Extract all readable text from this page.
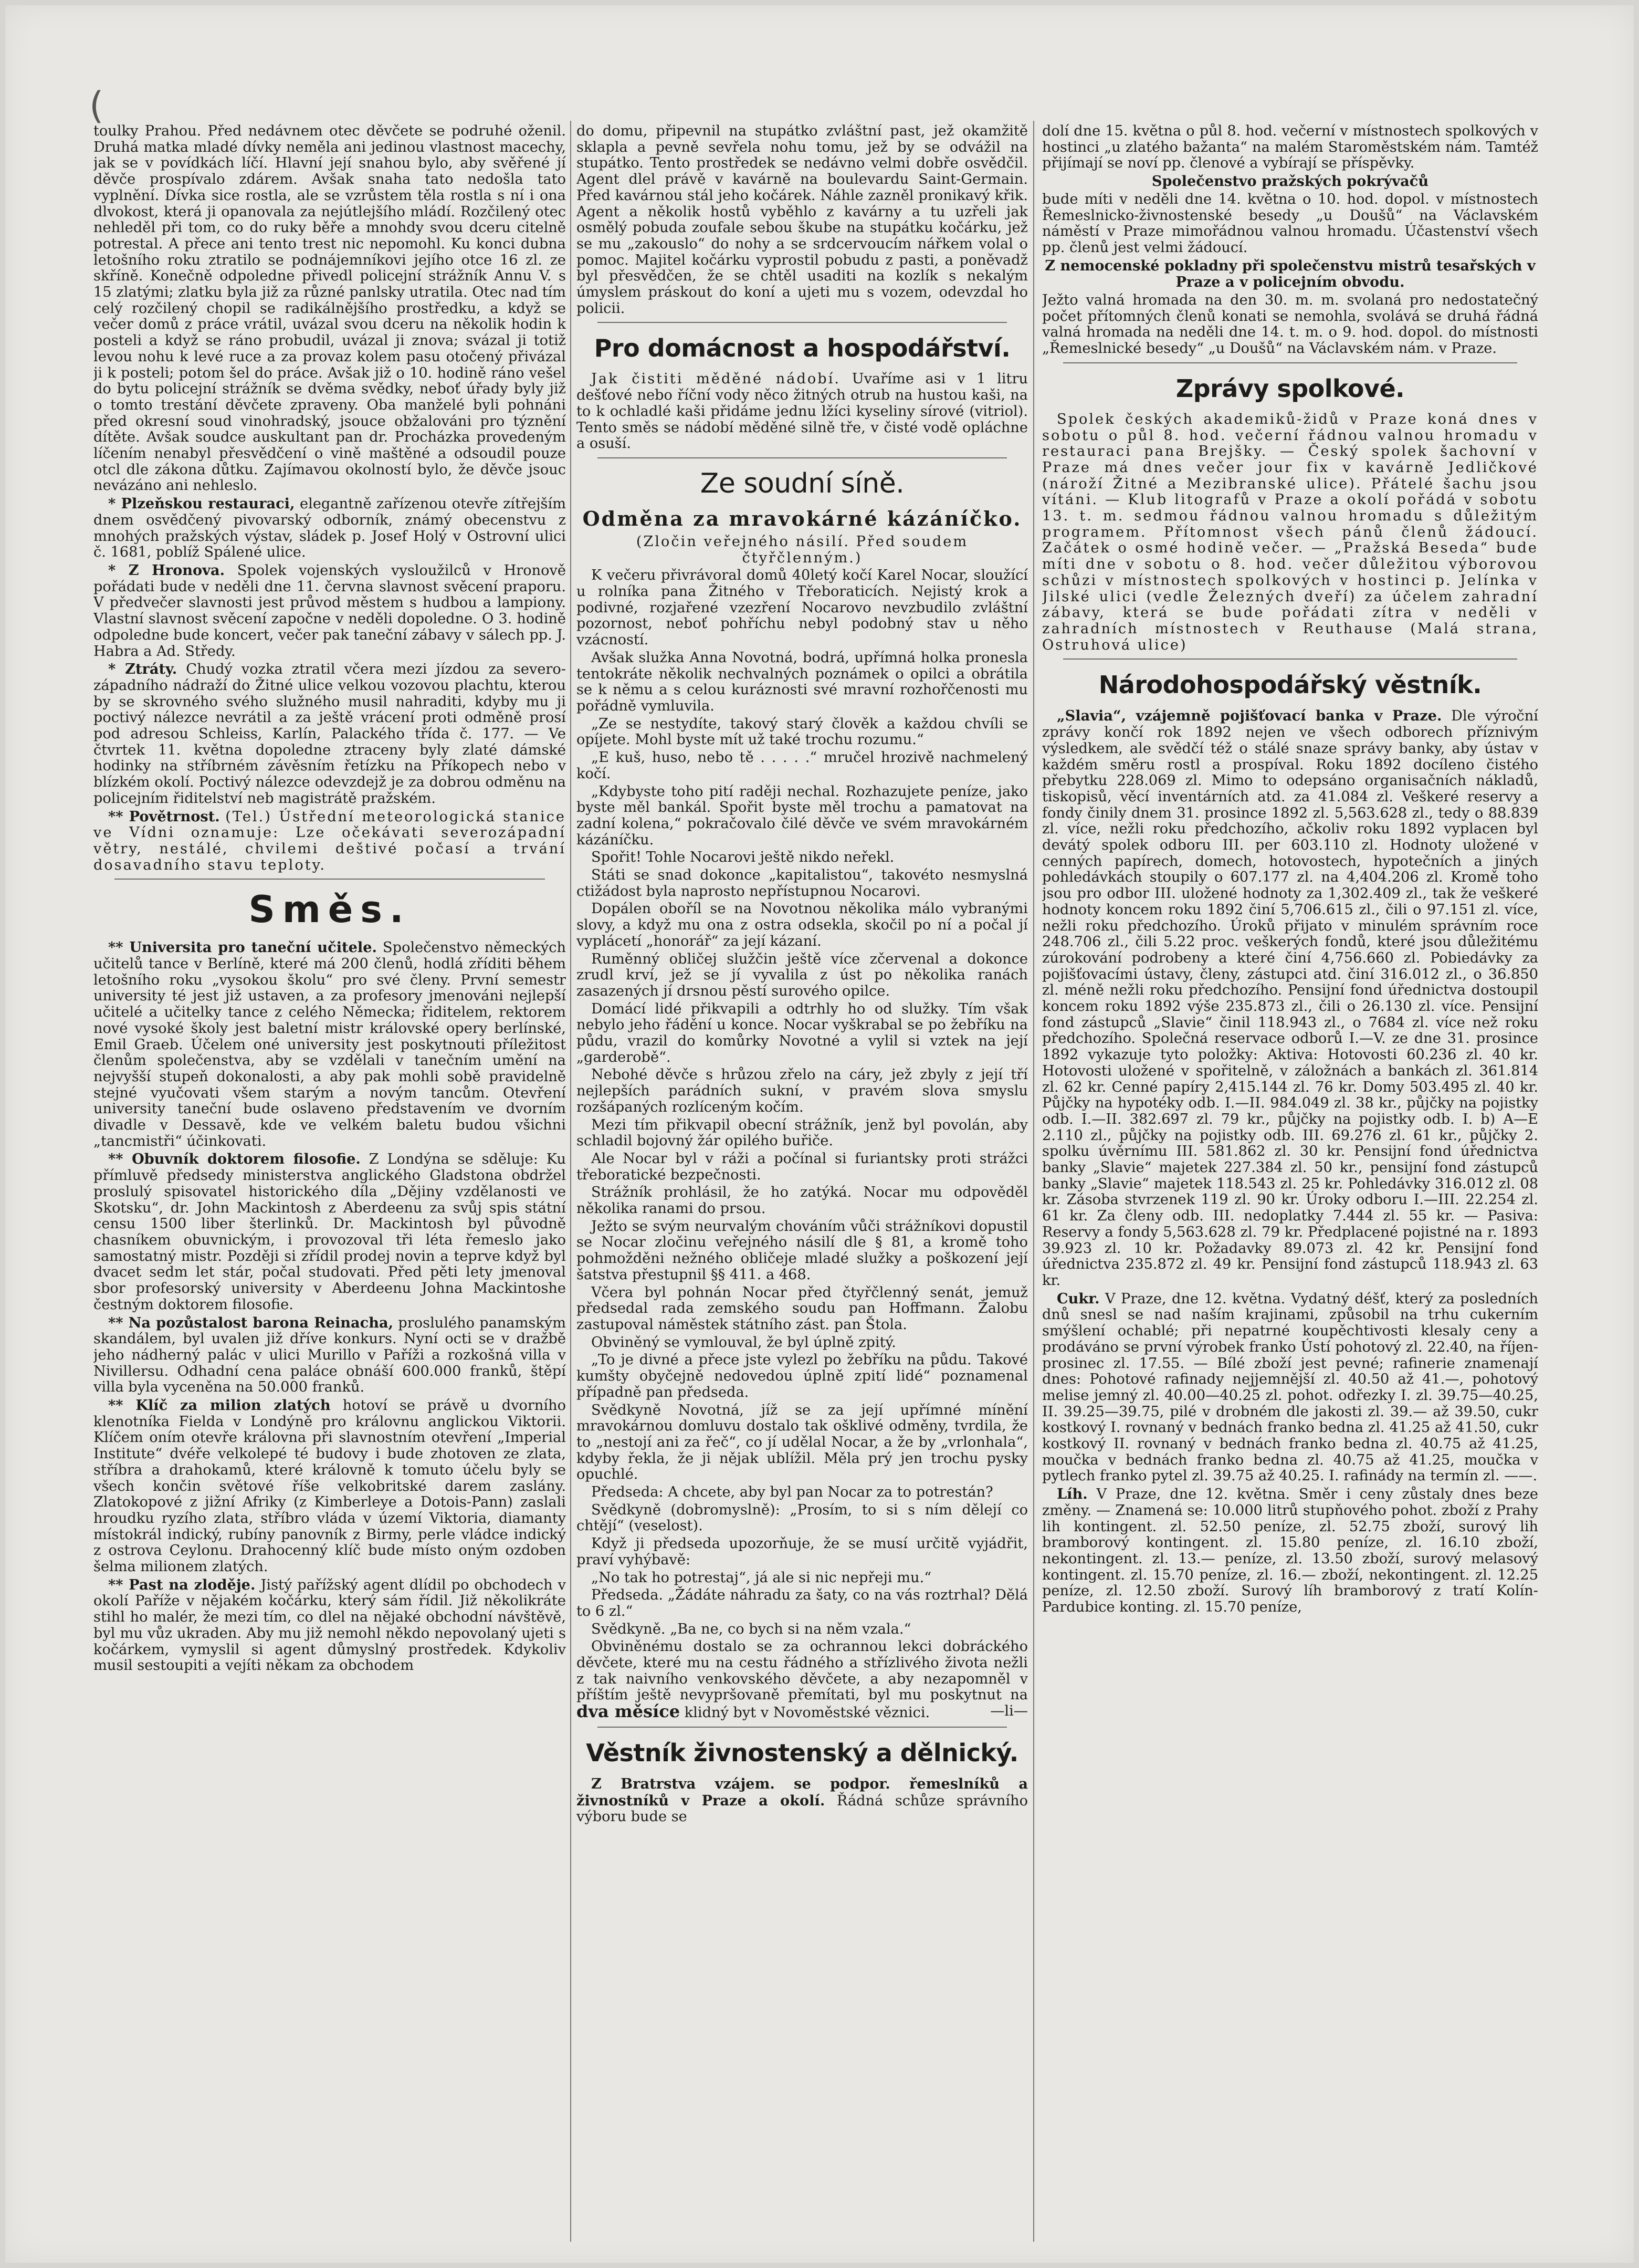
(

toulky Prahou. Před nedávnem otec děvčete se podruhé oženil. Druhá matka mladé dívky neměla ani jedinou vlastnost macechy, jak se v povídkách líčí. Hlavní její snahou bylo, aby svěřené jí děvče prospívalo zdárem. Avšak snaha tato nedošla tato vyplnění. Dívka sice rostla, ale se vzrůstem těla rostla s ní i ona dlvokost, která ji opanovala za nejútlejšího mládí. Rozčilený otec nehleděl při tom, co do ruky běře a mnohdy svou dceru citelně potrestal. A přece ani tento trest nic nepomohl. Ku konci dubna letošního roku ztratilo se podnájemníkovi jejího otce 16 zl. ze skříně. Konečně odpoledne přivedl policejní strážník Annu V. s 15 zlatými; zlatku byla již za různé panlsky utratila. Otec nad tím celý rozčilený chopil se radikálnějšího prostředku, a když se večer domů z práce vrátil, uvázal svou dceru na několik hodin k posteli a když se ráno probudil, uvázal ji znova; svázal ji totiž levou nohu k levé ruce a za provaz kolem pasu otočený přivázal ji k posteli; potom šel do práce. Avšak již o 10. hodině ráno vešel do bytu policejní strážník se dvěma svědky, neboť úřady byly již o tomto trestání děvčete zpraveny. Oba manželé byli pohnáni před okresní soud vinohradský, jsouce obžalováni pro týznění dítěte. Avšak soudce auskultant pan dr. Procházka provedeným líčením nenabyl přesvědčení o vině maštěné a odsoudil pouze otcl dle zákona důtku. Zajímavou okolností bylo, že děvče jsouc nevázáno ani nehleslo.

* Plzeňskou restauraci, elegantně zařízenou otevře zítřejším dnem osvědčený pivovarský odborník, známý obecenstvu z mnohých pražských výstav, sládek p. Josef Holý v Ostrovní ulici č. 1681, poblíž Spálené ulice.

* Z Hronova. Spolek vojenských vysloužilců v Hronově pořádati bude v neděli dne 11. června slavnost svěcení praporu. V předvečer slavnosti jest průvod městem s hudbou a lampiony. Vlastní slavnost svěcení započne v neděli dopoledne. O 3. hodině odpoledne bude koncert, večer pak taneční zábavy v sálech pp. J. Habra a Ad. Středy.

* Ztráty. Chudý vozka ztratil včera mezi jízdou za severo-západního nádraží do Žitné ulice velkou vozovou plachtu, kterou by se skrovného svého služného musil nahraditi, kdyby mu ji poctivý nálezce nevrátil a za ještě vrácení proti odměně prosí pod adresou Schleiss, Karlín, Palackého třída č. 177. — Ve čtvrtek 11. května dopoledne ztraceny byly zlaté dámské hodinky na stříbrném závěsním řetízku na Příkopech nebo v blízkém okolí. Poctivý nálezce odevzdejž je za dobrou odměnu na policejním řiditelství neb magistrátě pražském.

** Povětrnost. (Tel.) Ústřední meteorologická stanice ve Vídni oznamuje: Lze očekávati severozápadní větry, nestálé, chvilemi deštivé počasí a trvání dosavadního stavu teploty.

Směs.

** Universita pro taneční učitele. Společenstvo německých učitelů tance v Berlíně, které má 200 členů, hodlá zříditi během letošního roku „vysokou školu“ pro své členy. První semestr university té jest již ustaven, a za profesory jmenováni nejlepší učitelé a učitelky tance z celého Německa; řiditelem, rektorem nové vysoké školy jest baletní mistr královské opery berlínské, Emil Graeb. Účelem oné university jest poskytnouti příležitost členům společenstva, aby se vzdělali v tanečním umění na nejvyšší stupeň dokonalosti, a aby pak mohli sobě pravidelně stejné vyučovati všem starým a novým tancům. Otevření university taneční bude oslaveno představením ve dvorním divadle v Dessavě, kde ve velkém baletu budou všichni „tancmistři“ účinkovati.

** Obuvník doktorem filosofie. Z Londýna se sděluje: Ku přímluvě předsedy ministerstva anglického Gladstona obdržel proslulý spisovatel historického díla „Dějiny vzdělanosti ve Skotsku“, dr. John Mackintosh z Aberdeenu za svůj spis státní censu 1500 liber šterlinků. Dr. Mackintosh byl původně chasníkem obuvnickým, i provozoval tři léta řemeslo jako samostatný mistr. Později si zřídil prodej novin a teprve když byl dvacet sedm let stár, počal studovati. Před pěti lety jmenoval sbor profesorský university v Aberdeenu Johna Mackintoshe čestným doktorem filosofie.

** Na pozůstalost barona Reinacha, proslulého panamským skandálem, byl uvalen již dříve konkurs. Nyní octi se v dražbě jeho nádherný palác v ulici Murillo v Paříži a rozkošná villa v Nivillersu. Odhadní cena paláce obnáší 600.000 franků, štěpí villa byla vyceněna na 50.000 franků.

** Klíč za milion zlatých hotoví se právě u dvorního klenotníka Fielda v Londýně pro královnu anglickou Viktorii. Klíčem oním otevře královna při slavnostním otevření „Imperial Institute“ dvéře velkolepé té budovy i bude zhotoven ze zlata, stříbra a drahokamů, které královně k tomuto účelu byly se všech končin světové říše velkobritské darem zaslány. Zlatokopové z jižní Afriky (z Kimberleye a Dotois-Pann) zaslali hroudku ryzího zlata, stříbro vláda v území Viktoria, diamanty místokrál indický, rubíny panovník z Birmy, perle vládce indický z ostrova Ceylonu. Drahocenný klíč bude místo oným ozdoben šelma milionem zlatých.

** Past na zloděje. Jistý pařížský agent dlídil po obchodech v okolí Paříže v nějakém kočárku, který sám řídil. Již několikráte stihl ho malér, že mezi tím, co dlel na nějaké obchodní návštěvě, byl mu vůz ukraden. Aby mu již nemohl někdo nepovolaný ujeti s kočárkem, vymyslil si agent důmyslný prostředek. Kdykoliv musil sestoupiti a vejíti někam za obchodem

do domu, připevnil na stupátko zvláštní past, jež okamžitě sklapla a pevně sevřela nohu tomu, jež by se odvážil na stupátko. Tento prostředek se nedávno velmi dobře osvědčil. Agent dlel právě v kavárně na boulevardu Saint-Germain. Před kavárnou stál jeho kočárek. Náhle zazněl pronikavý křik. Agent a několik hostů vyběhlo z kavárny a tu uzřeli jak osmělý pobuda zoufale sebou škube na stupátku kočárku, jež se mu „zakouslo“ do nohy a se srdcervoucím nářkem volal o pomoc. Majitel kočárku vyprostil pobudu z pasti, a poněvadž byl přesvědčen, že se chtěl usaditi na kozlík s nekalým úmyslem práskout do koní a ujeti mu s vozem, odevzdal ho policii.

Pro domácnost a hospodářství.

Jak čistiti měděné nádobí. Uvaříme asi v 1 litru dešťové nebo říční vody něco žitných otrub na hustou kaši, na to k ochladlé kaši přidáme jednu lžíci kyseliny sírové (vitriol). Tento směs se nádobí měděné silně tře, v čisté vodě opláchne a osuší.

Ze soudní síně.
Odměna za mravokárné kázáníčko.

(Zločin veřejného násilí. Před soudem čtyřčlenným.)

K večeru přivrávoral domů 40letý kočí Karel Nocar, sloužící u rolníka pana Žitného v Třeboraticích. Nejistý krok a podivné, rozjařené vzezření Nocarovo nevzbudilo zvláštní pozornost, neboť pohříchu nebyl podobný stav u něho vzácností.

Avšak služka Anna Novotná, bodrá, upřímná holka pronesla tentokráte několik nechvalných poznámek o opilci a obrátila se k němu a s celou kuráznosti své mravní rozhořčenosti mu pořádně vymluvila.

„Ze se nestydíte, takový starý člověk a každou chvíli se opíjete. Mohl byste mít už také trochu rozumu.“

„E kuš, huso, nebo tě . . . . .“ mručel hrozivě nachmelený kočí.

„Kdybyste toho pití raději nechal. Rozhazujete peníze, jako byste měl bankál. Spořit byste měl trochu a pamatovat na zadní kolena,“ pokračovalo čilé děvče ve svém mravokárném kázáníčku.

Spořit! Tohle Nocarovi ještě nikdo neřekl.

Státi se snad dokonce „kapitalistou“, takovéto nesmyslná ctižádost byla naprosto nepřístupnou Nocarovi.

Dopálen oboříl se na Novotnou několika málo vybranými slovy, a když mu ona z ostra odsekla, skočil po ní a počal jí vyplácetí „honorář“ za její kázaní.

Ruměnný obličej služčin ještě více zčervenal a dokonce zrudl krví, jež se jí vyvalila z úst po několika ranách zasazených jí drsnou pěstí surového opilce.

Domácí lidé přikvapili a odtrhly ho od služky. Tím však nebylo jeho řádění u konce. Nocar vyškrabal se po žebříku na půdu, vrazil do komůrky Novotné a vylil si vztek na její „garderobě“.

Nebohé děvče s hrůzou zřelo na cáry, jež zbyly z její tří nejlepších parádních sukní, v pravém slova smyslu rozšápaných rozlíceným kočím.

Mezi tím přikvapil obecní strážník, jenž byl povolán, aby schladil bojovný žár opilého buřiče.

Ale Nocar byl v ráži a počínal si furiantsky proti strážci třeboratické bezpečnosti.

Strážník prohlásil, že ho zatýká. Nocar mu odpověděl několika ranami do prsou.

Ježto se svým neurvalým chováním vůči strážníkovi dopustil se Nocar zločinu veřejného násilí dle § 81, a kromě toho pohmožděni nežného obličeje mladé služky a poškození její šatstva přestupnil §§ 411. a 468.

Včera byl pohnán Nocar před čtyřčlenný senát, jemuž předsedal rada zemského soudu pan Hoffmann. Žalobu zastupoval náměstek státního zást. pan Štola.

Obviněný se vymlouval, že byl úplně zpitý.

„To je divné a přece jste vylezl po žebříku na půdu. Takové kumšty obyčejně nedovedou úplně zpití lidé“ poznamenal případně pan předseda.

Svědkyně Novotná, jíž se za její upřímné mínění mravokárnou domluvu dostalo tak ošklivé odměny, tvrdila, že to „nestojí ani za řeč“, co jí udělal Nocar, a že by „vrlonhala“, kdyby řekla, že ji nějak ublížil. Měla prý jen trochu pysky opuchlé.

Předseda: A chcete, aby byl pan Nocar za to potrestán?

Svědkyně (dobromyslně): „Prosím, to si s ním dělejí co chtějí“ (veselost).

Když ji předseda upozorňuje, že se musí určitě vyjádřit, praví vyhýbavě:

„No tak ho potrestaj“, já ale si nic nepřeji mu.“

Předseda. „Žádáte náhradu za šaty, co na vás roztrhal? Dělá to 6 zl.“

Svědkyně. „Ba ne, co bych si na něm vzala.“

Obviněnému dostalo se za ochrannou lekci dobráckého děvčete, které mu na cestu řádného a střízlivého života nežli z tak naivního venkovského děvčete, a aby nezapomněl v příštím ještě nevypršovaně přemítati, byl mu poskytnut na dva měsíce klidný byt v Novoměstské věznici.	—li—

Věstník živnostenský a dělnický.

Z Bratrstva vzájem. se podpor. řemeslníků a živnostníků v Praze a okolí. Řádná schůze správního výboru bude se

dolí dne 15. května o půl 8. hod. večerní v místnostech spolkových v hostinci „u zlatého bažanta“ na malém Staroměstském nám. Tamtéž přijímají se noví pp. členové a vybírají se příspěvky.

Společenstvo pražských pokrývačů

bude míti v neděli dne 14. května o 10. hod. dopol. v místnostech Řemeslnicko-živnostenské besedy „u Doušů“ na Václavském náměstí v Praze mimořádnou valnou hromadu. Účastenství všech pp. členů jest velmi žádoucí.

Z nemocenské pokladny při společenstvu mistrů tesařských v Praze a v policejním obvodu.

Ježto valná hromada na den 30. m. m. svolaná pro nedostatečný počet přítomných členů konati se nemohla, svolává se druhá řádná valná hromada na neděli dne 14. t. m. o 9. hod. dopol. do místnosti „Řemeslnické besedy“ „u Doušů“ na Václavském nám. v Praze.

Zprávy spolkové.

Spolek českých akademiků-židů v Praze koná dnes v sobotu o půl 8. hod. večerní řádnou valnou hromadu v restauraci pana Brejšky. — Český spolek šachovní v Praze má dnes večer jour fix v kavárně Jedličkové (nároží Žitné a Mezibranské ulice). Přátelé šachu jsou vítáni. — Klub litografů v Praze a okolí pořádá v sobotu 13. t. m. sedmou řádnou valnou hromadu s důležitým programem. Přítomnost všech pánů členů žádoucí. Začátek o osmé hodině večer. — „Pražská Beseda“ bude míti dne v sobotu o 8. hod. večer důležitou výborovou schůzi v místnostech spolkových v hostinci p. Jelínka v Jilské ulici (vedle Železných dveří) za účelem zahradní zábavy, která se bude pořádati zítra v neděli v zahradních místnostech v Reuthause (Malá strana, Ostruhová ulice)

Národohospodářský věstník.

„Slavia“, vzájemně pojišťovací banka v Praze. Dle výroční zprávy končí rok 1892 nejen ve všech odborech příznivým výsledkem, ale svědčí též o stálé snaze správy banky, aby ústav v každém směru rostl a prospíval. Roku 1892 docíleno čistého přebytku 228.069 zl. Mimo to odepsáno organisačních nákladů, tiskopisů, věcí inventárních atd. za 41.084 zl. Veškeré reservy a fondy činily dnem 31. prosince 1892 zl. 5,563.628 zl., tedy o 88.839 zl. více, nežli roku předchozího, ačkoliv roku 1892 vyplacen byl devátý spolek odboru III. per 603.110 zl. Hodnoty uložené v cenných papírech, domech, hotovostech, hypotečních a jiných pohledávkách stoupily o 607.177 zl. na 4,404.206 zl. Kromě toho jsou pro odbor III. uložené hodnoty za 1,302.409 zl., tak že veškeré hodnoty koncem roku 1892 činí 5,706.615 zl., čili o 97.151 zl. více, nežli roku předchozího. Úroků přijato v minulém správním roce 248.706 zl., čili 5.22 proc. veškerých fondů, které jsou důležitému zúrokování podrobeny a které činí 4,756.660 zl. Pobiedávky za pojišťovacími ústavy, členy, zástupci atd. činí 316.012 zl., o 36.850 zl. méně nežli roku předchozího. Pensijní fond úřednictva dostoupil koncem roku 1892 výše 235.873 zl., čili o 26.130 zl. více. Pensijní fond zástupců „Slavie“ činil 118.943 zl., o 7684 zl. více než roku předchozího. Společná reservace odborů I.—V. ze dne 31. prosince 1892 vykazuje tyto položky: Aktiva: Hotovosti 60.236 zl. 40 kr. Hotovosti uložené v spořitelně, v záložnách a bankách zl. 361.814 zl. 62 kr. Cenné papíry 2,415.144 zl. 76 kr. Domy 503.495 zl. 40 kr. Půjčky na hypotéky odb. I.—II. 984.049 zl. 38 kr., půjčky na pojistky odb. I.—II. 382.697 zl. 79 kr., půjčky na pojistky odb. I. b) A—E 2.110 zl., půjčky na pojistky odb. III. 69.276 zl. 61 kr., půjčky 2. spolku úvěrnímu III. 581.862 zl. 30 kr. Pensijní fond úřednictva banky „Slavie“ majetek 227.384 zl. 50 kr., pensijní fond zástupců banky „Slavie“ majetek 118.543 zl. 25 kr. Pohledávky 316.012 zl. 08 kr. Zásoba stvrzenek 119 zl. 90 kr. Úroky odboru I.—III. 22.254 zl. 61 kr. Za členy odb. III. nedoplatky 7.444 zl. 55 kr. — Pasiva: Reservy a fondy 5,563.628 zl. 79 kr. Předplacené pojistné na r. 1893 39.923 zl. 10 kr. Požadavky 89.073 zl. 42 kr. Pensijní fond úřednictva 235.872 zl. 49 kr. Pensijní fond zástupců 118.943 zl. 63 kr.

Cukr. V Praze, dne 12. května. Vydatný déšť, který za posledních dnů snesl se nad naším krajinami, způsobil na trhu cukerním smýšlení ochablé; při nepatrné koupěchtivosti klesaly ceny a prodáváno se první výrobek franko Ústí pohotový zl. 22.40, na říjen-prosinec zl. 17.55. — Bílé zboží jest pevné; rafinerie znamenají dnes: Pohotové rafinady nejjemnější zl. 40.50 až 41.—, pohotový melise jemný zl. 40.00—40.25 zl. pohot. odřezky I. zl. 39.75—40.25, II. 39.25—39.75, pilé v drobném dle jakosti zl. 39.— až 39.50, cukr kostkový I. rovnaný v bednách franko bedna zl. 41.25 až 41.50, cukr kostkový II. rovnaný v bednách franko bedna zl. 40.75 až 41.25, moučka v bednách franko bedna zl. 40.75 až 41.25, moučka v pytlech franko pytel zl. 39.75 až 40.25. I. rafinády na termín zl. ——.

Líh. V Praze, dne 12. května. Směr i ceny zůstaly dnes beze změny. — Znamená se: 10.000 litrů stupňového pohot. zboží z Prahy lih kontingent. zl. 52.50 peníze, zl. 52.75 zboží, surový lih bramborový kontingent. zl. 15.80 peníze, zl. 16.10 zboží, nekontingent. zl. 13.— peníze, zl. 13.50 zboží, surový melasový kontingent. zl. 15.70 peníze, zl. 16.— zboží, nekontingent. zl. 12.25 peníze, zl. 12.50 zboží. Surový líh bramborový z tratí Kolín-Pardubice konting. zl. 15.70 peníze,
